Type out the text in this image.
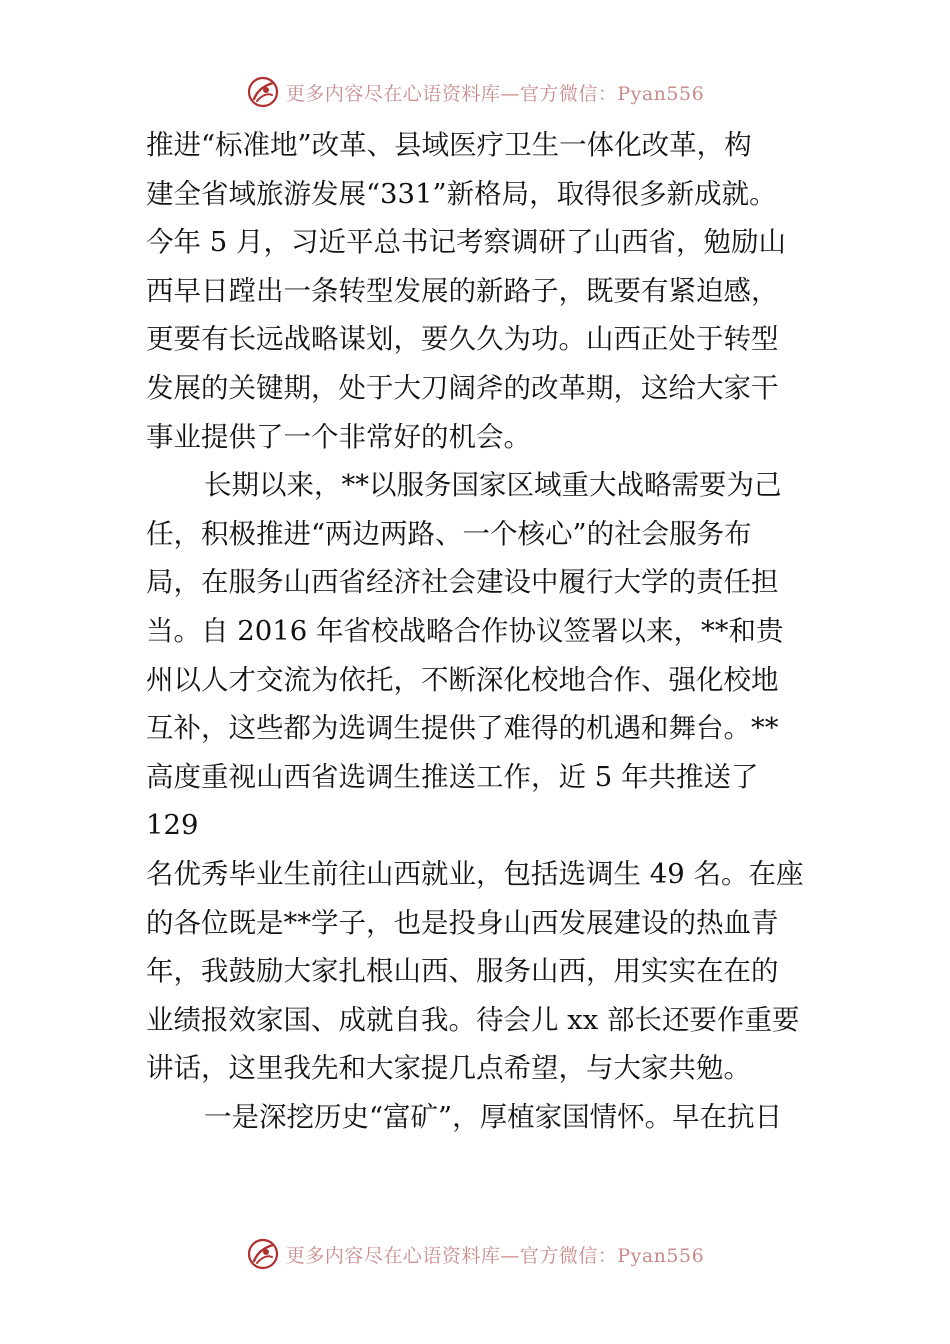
更多内容尽在心语资料库—官方微信：Pyan556
推进“标准地”改革、县域医疗卫生一体化改革，构
建全省域旅游发展“331”新格局，取得很多新成就。
今年 5 月，习近平总书记考察调研了山西省，勉励山
西早日蹚出一条转型发展的新路子，既要有紧迫感，
更要有长远战略谋划，要久久为功。山西正处于转型
发展的关键期，处于大刀阔斧的改革期，这给大家干
事业提供了一个非常好的机会。
长期以来，**以服务国家区域重大战略需要为己
任，积极推进“两边两路、一个核心”的社会服务布
局，在服务山西省经济社会建设中履行大学的责任担
当。自 2016 年省校战略合作协议签署以来，**和贵
州以人才交流为依托，不断深化校地合作、强化校地
互补，这些都为选调生提供了难得的机遇和舞台。**
高度重视山西省选调生推送工作，近 5 年共推送了
129
名优秀毕业生前往山西就业，包括选调生 49 名。在座
的各位既是**学子，也是投身山西发展建设的热血青
年，我鼓励大家扎根山西、服务山西，用实实在在的
业绩报效家国、成就自我。待会儿 xx 部长还要作重要
讲话，这里我先和大家提几点希望，与大家共勉。
一是深挖历史“富矿”，厚植家国情怀。早在抗日
更多内容尽在心语资料库—官方微信：Pyan556
